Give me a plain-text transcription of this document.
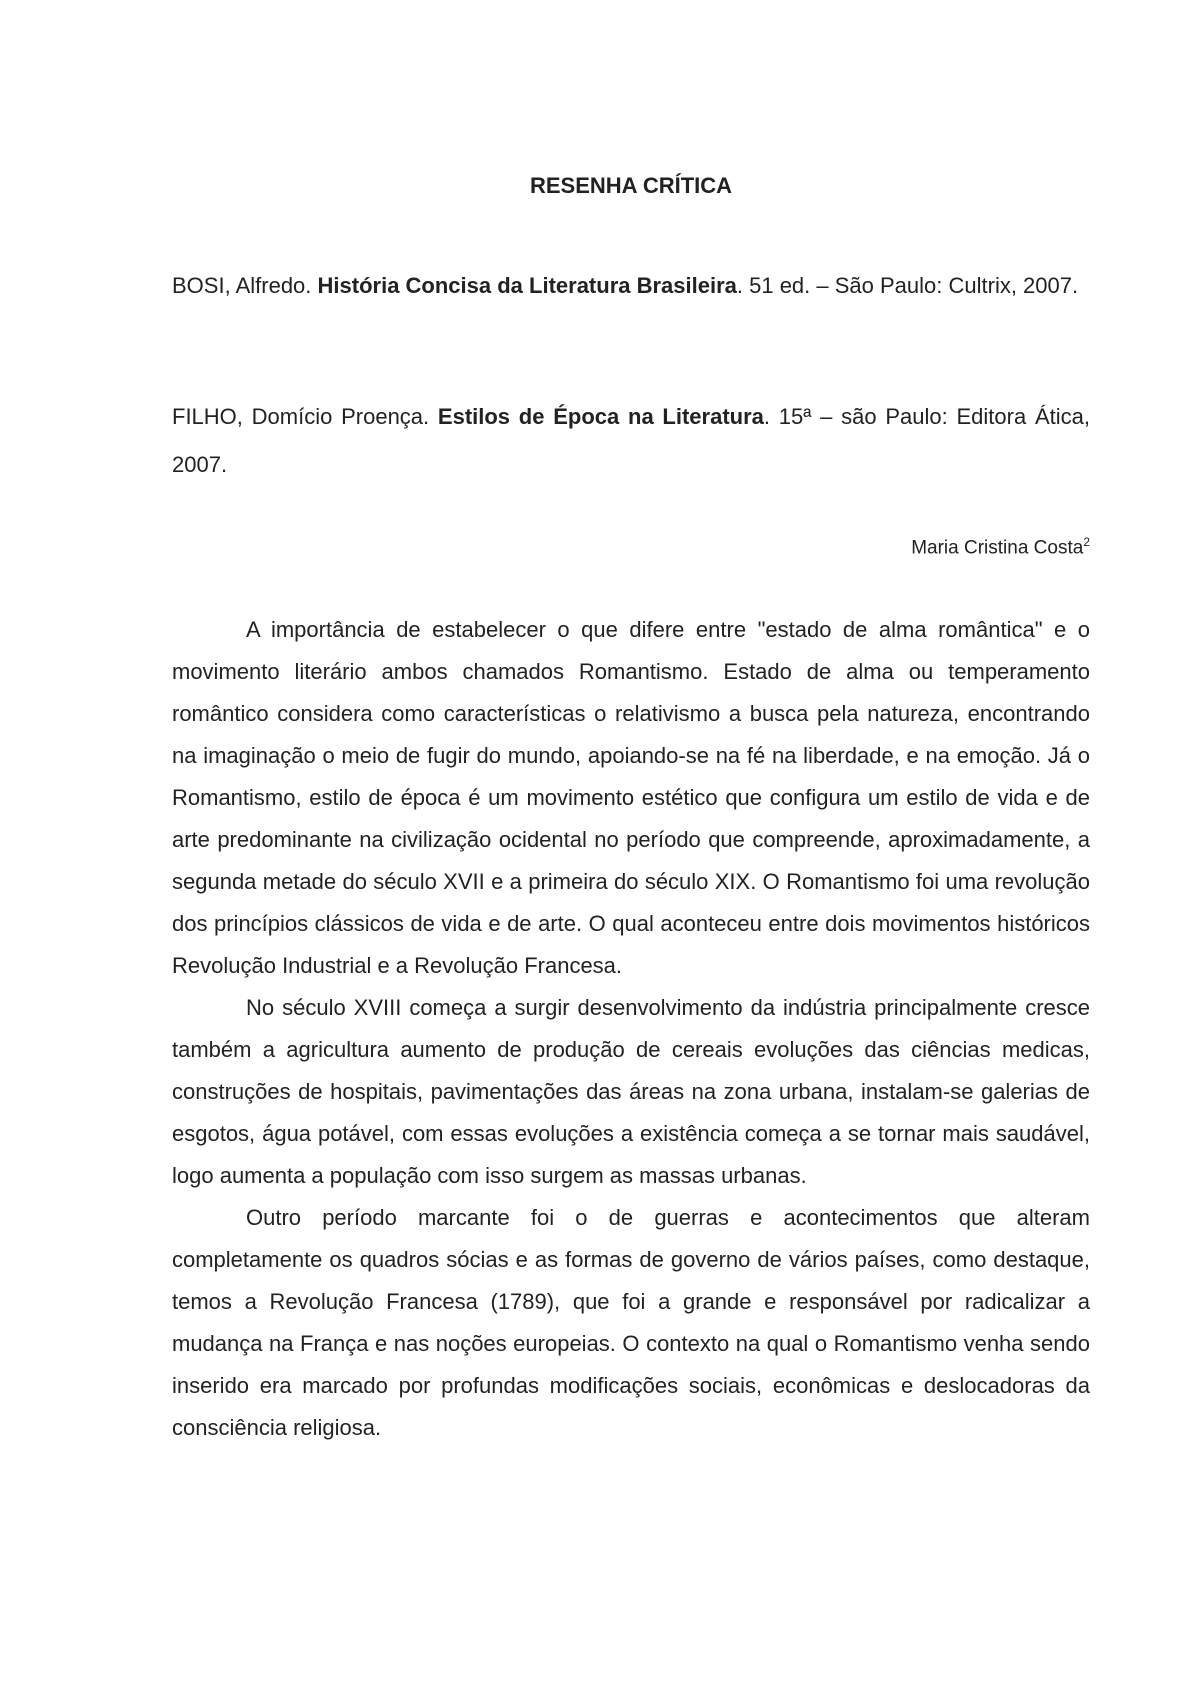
RESENHA CRÍTICA
BOSI, Alfredo. História Concisa da Literatura Brasileira. 51 ed. – São Paulo: Cultrix, 2007.
FILHO, Domício Proença. Estilos de Época na Literatura. 15ª – são Paulo: Editora Ática, 2007.
Maria Cristina Costa$^2$

A importância de estabelecer o que difere entre "estado de alma romântica" e o movimento literário ambos chamados Romantismo. Estado de alma ou temperamento romântico considera como características o relativismo a busca pela natureza, encontrando na imaginação o meio de fugir do mundo, apoiando-se na fé na liberdade, e na emoção. Já o Romantismo, estilo de época é um movimento estético que configura um estilo de vida e de arte predominante na civilização ocidental no período que compreende, aproximadamente, a segunda metade do século XVII e a primeira do século XIX. O Romantismo foi uma revolução dos princípios clássicos de vida e de arte. O qual aconteceu entre dois movimentos históricos Revolução Industrial e a Revolução Francesa.

No século XVIII começa a surgir desenvolvimento da indústria principalmente cresce também a agricultura aumento de produção de cereais evoluções das ciências medicas, construções de hospitais, pavimentações das áreas na zona urbana, instalam-se galerias de esgotos, água potável, com essas evoluções a existência começa a se tornar mais saudável, logo aumenta a população com isso surgem as massas urbanas.

Outro período marcante foi o de guerras e acontecimentos que alteram completamente os quadros sócias e as formas de governo de vários países, como destaque, temos a Revolução Francesa (1789), que foi a grande e responsável por radicalizar a mudança na França e nas noções europeias. O contexto na qual o Romantismo venha sendo inserido era marcado por profundas modificações sociais, econômicas e deslocadoras da consciência religiosa.
